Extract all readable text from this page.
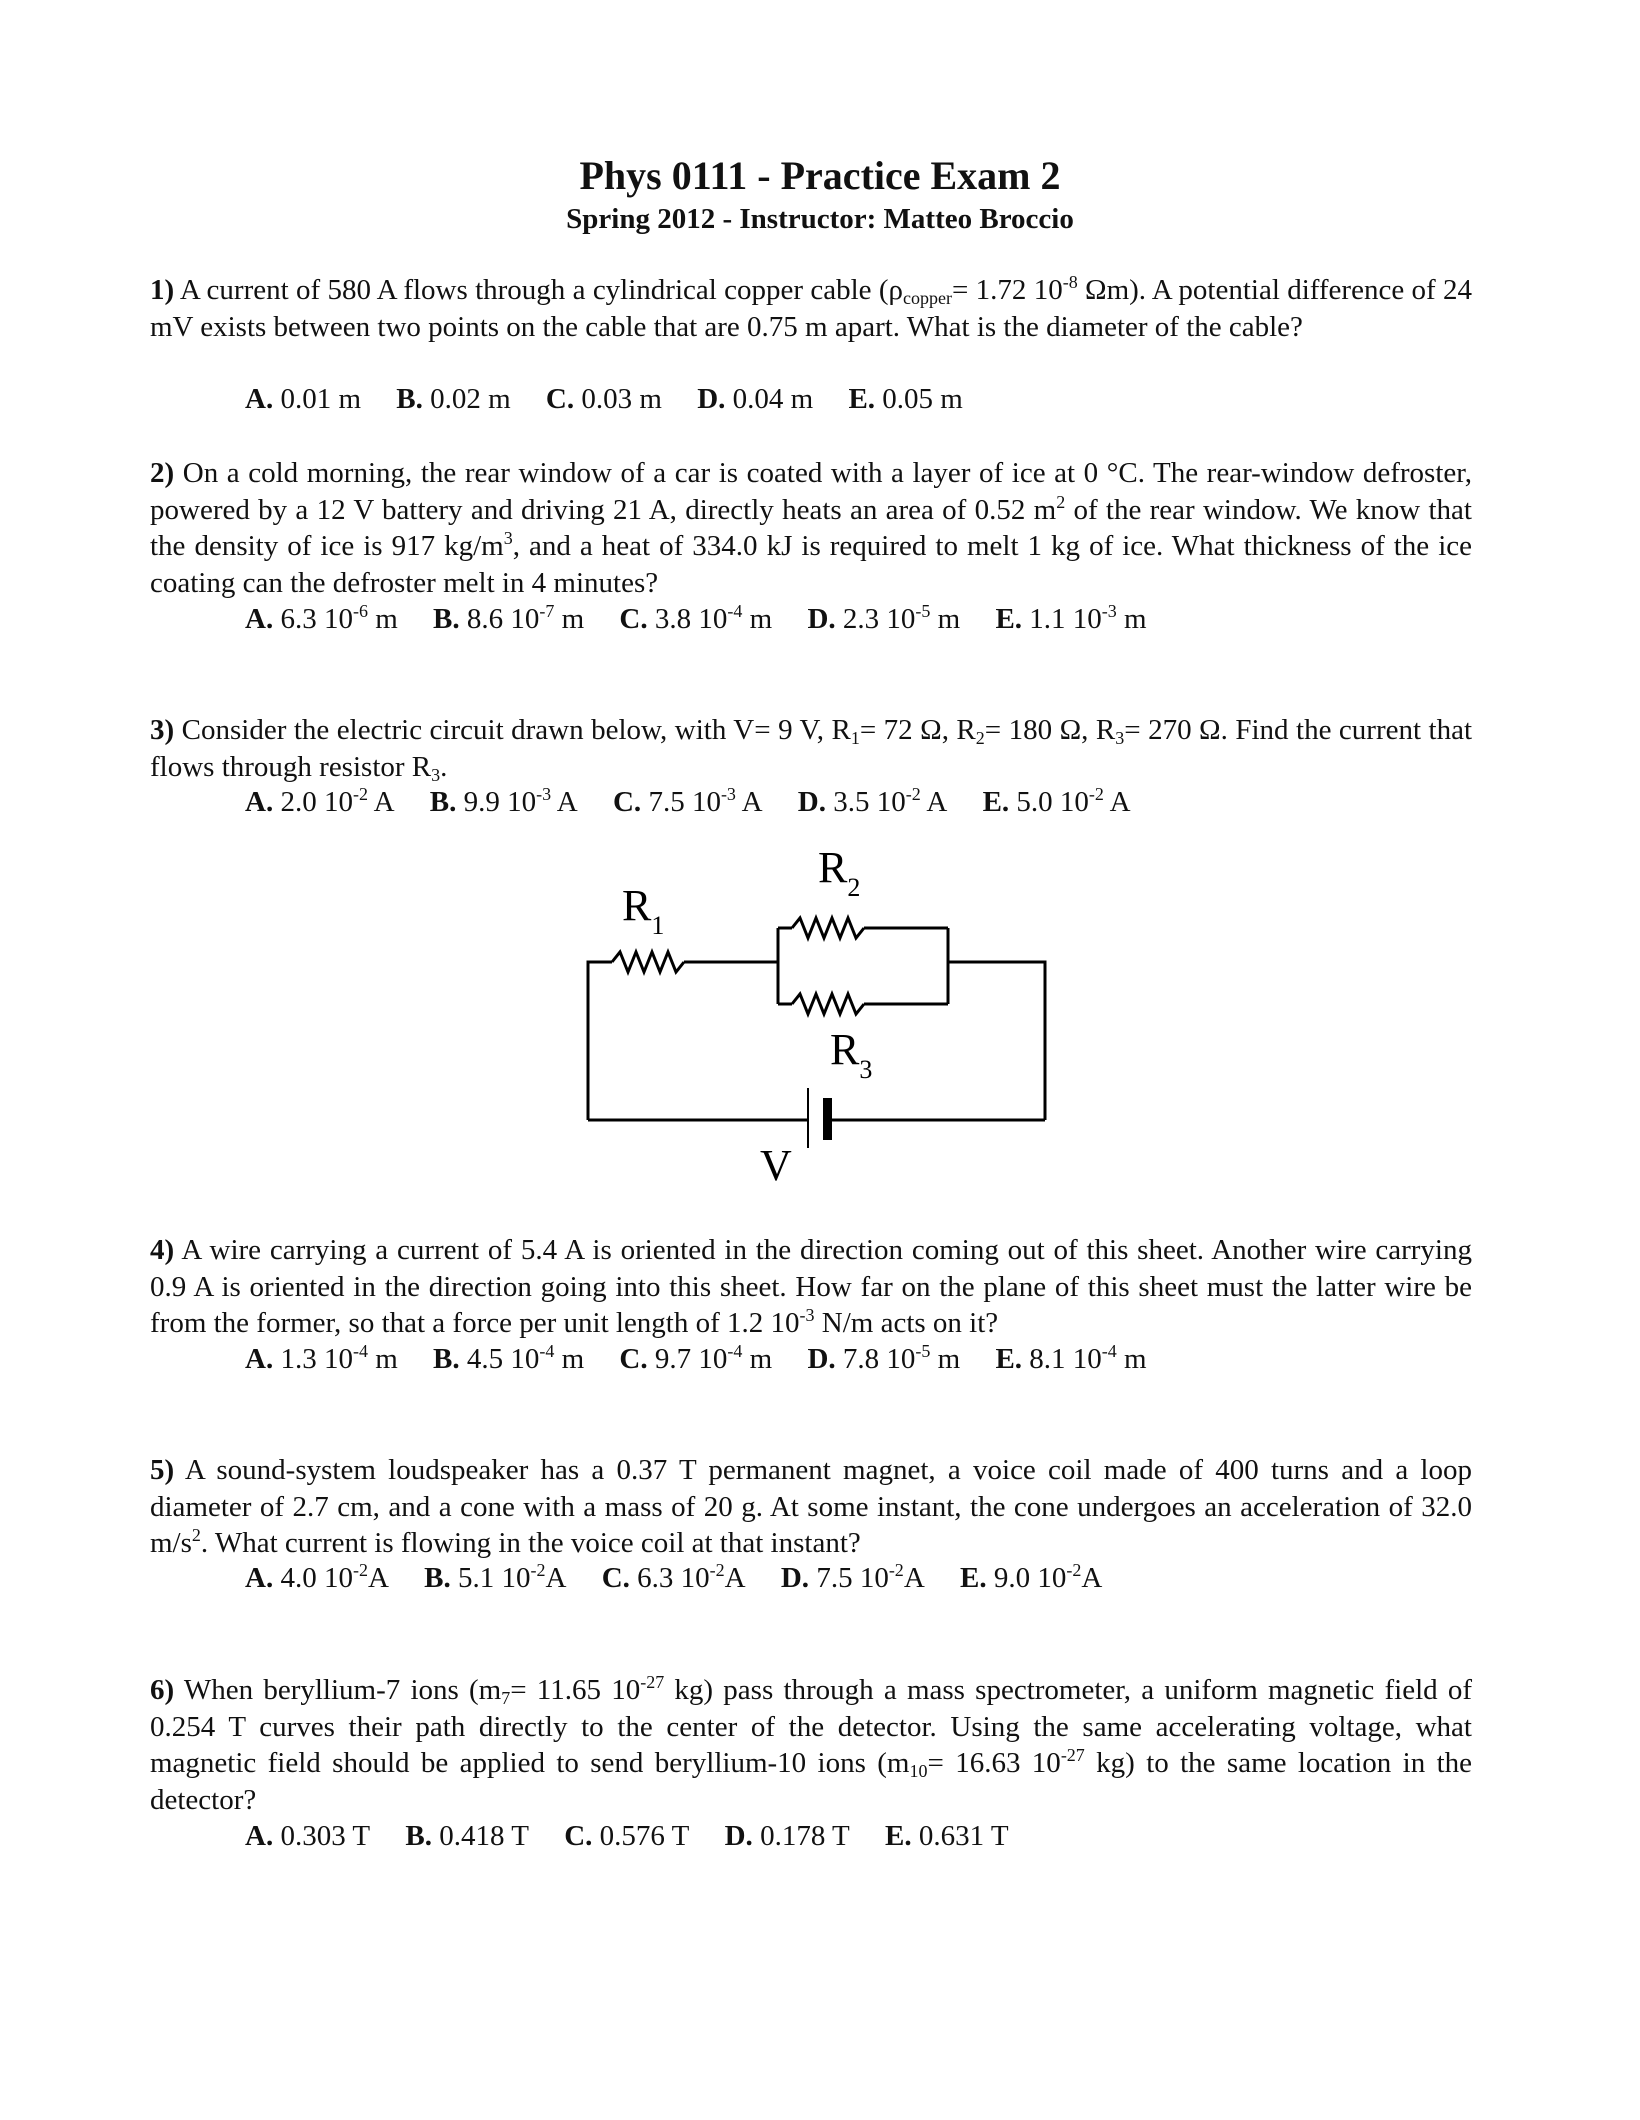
Phys 0111 - Practice Exam 2
Spring 2012 - Instructor: Matteo Broccio
1) A current of 580 A flows through a cylindrical copper cable ($\rho_{copper}= 1.72$ $10^{-8}$ Ωm). A potential difference of 24 mV exists between two points on the cable that are 0.75 m apart. What is the diameter of the cable?
A. 0.01 m B. 0.02 m C. 0.03 m D. 0.04 m E. 0.05 m
2) On a cold morning, the rear window of a car is coated with a layer of ice at 0 °C. The rear-window defroster, powered by a 12 V battery and driving 21 A, directly heats an area of 0.52 $m^2$ of the rear window. We know that the density of ice is 917 $kg/m^3$, and a heat of 334.0 kJ is required to melt 1 kg of ice. What thickness of the ice coating can the defroster melt in 4 minutes?
A. 6.3 $10^{-6}$ m B. 8.6 $10^{-7}$ m C. 3.8 $10^{-4}$ m D. 2.3 $10^{-5}$ m E. 1.1 $10^{-3}$ m
3) Consider the electric circuit drawn below, with V= 9 V, $R_1= 72$ Ω, $R_2= 180$ Ω, $R_3= 270$ Ω. Find the current that flows through resistor $R_3$.
A. 2.0 $10^{-2}$ A B. 9.9 $10^{-3}$ A C. 7.5 $10^{-3}$ A D. 3.5 $10^{-2}$ A E. 5.0 $10^{-2}$ A
$R_1$
$R_2$
$R_3$
V
4) A wire carrying a current of 5.4 A is oriented in the direction coming out of this sheet. Another wire carrying 0.9 A is oriented in the direction going into this sheet. How far on the plane of this sheet must the latter wire be from the former, so that a force per unit length of 1.2 $10^{-3}$ N/m acts on it?
A. 1.3 $10^{-4}$ m B. 4.5 $10^{-4}$ m C. 9.7 $10^{-4}$ m D. 7.8 $10^{-5}$ m E. 8.1 $10^{-4}$ m
5) A sound-system loudspeaker has a 0.37 T permanent magnet, a voice coil made of 400 turns and a loop diameter of 2.7 cm, and a cone with a mass of 20 g. At some instant, the cone undergoes an acceleration of 32.0 $m/s^2$. What current is flowing in the voice coil at that instant?
A. 4.0 $10^{-2}A$ B. 5.1 $10^{-2}A$ C. 6.3 $10^{-2}A$ D. 7.5 $10^{-2}A$ E. 9.0 $10^{-2}A$
6) When beryllium-7 ions ($m_7= 11.65$ $10^{-27}$ kg) pass through a mass spectrometer, a uniform magnetic field of 0.254 T curves their path directly to the center of the detector. Using the same accelerating voltage, what magnetic field should be applied to send beryllium-10 ions ($m_{10}= 16.63$ $10^{-27}$ kg) to the same location in the detector?
A. 0.303 T B. 0.418 T C. 0.576 T D. 0.178 T E. 0.631 T
